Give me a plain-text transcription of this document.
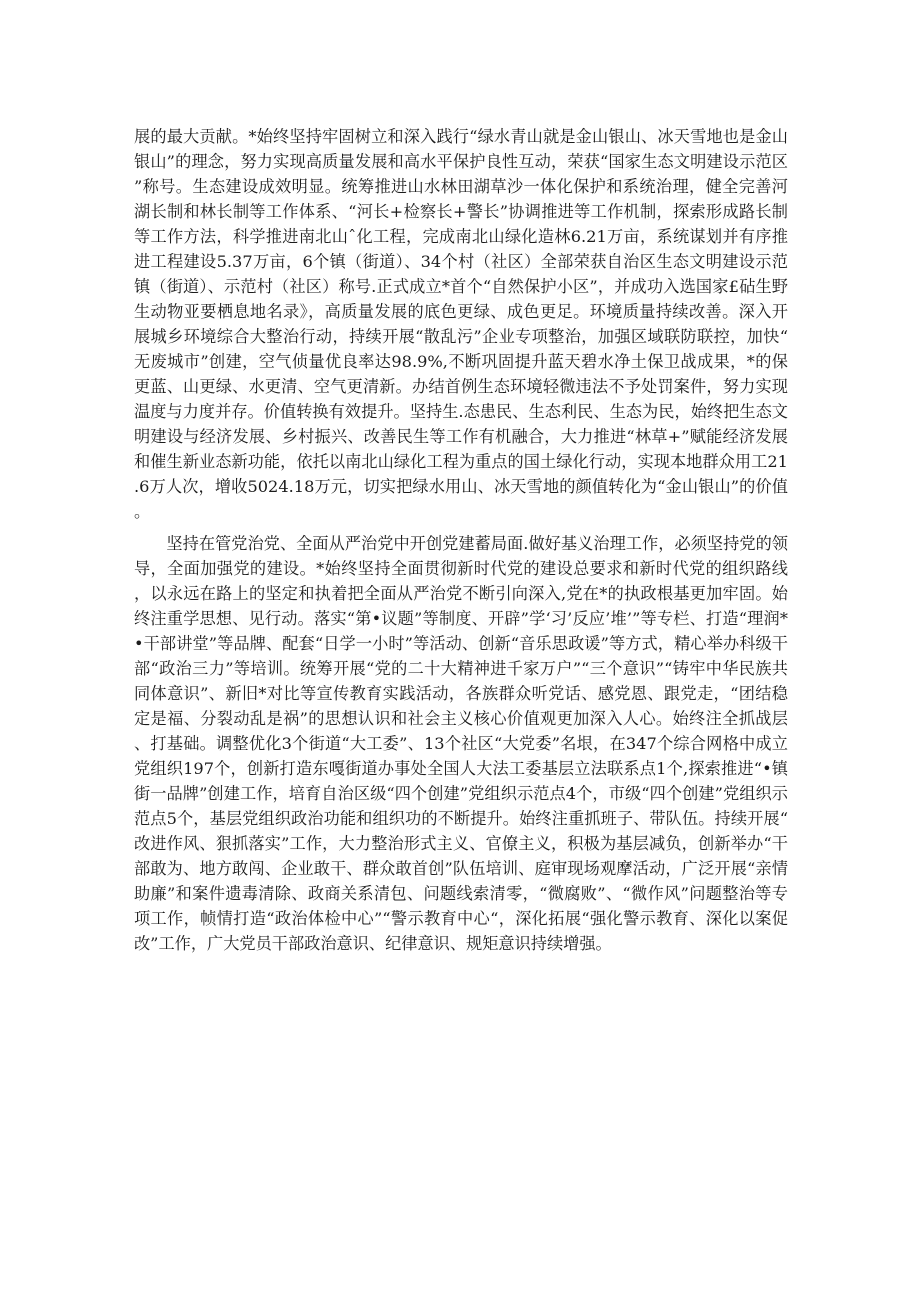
展的最大贡献。*始终坚持牢固树立和深入践行“绿水青山就是金山银山、冰天雪地也是金山银山”的理念，努力实现高质量发展和高水平保护良性互动，荣获“国家生态文明建设示范区”称号。生态建设成效明显。统筹推进山水林田湖草沙一体化保护和系统治理，健全完善河湖长制和林长制等工作体系、“河长+检察长+警长”协调推进等工作机制，探索形成路长制等工作方法，科学推进南北山ˆ化工程，完成南北山绿化造林6.21万亩，系统谋划并有序推进工程建设5.37万亩，6个镇（街道）、34个村（社区）全部荣获自治区生态文明建设示范镇（街道）、示范村（社区）称号.正式成立*首个“自然保护小区”，并成功入选国家£砧生野生动物亚要栖息地名录》，高质量发展的底色更绿、成色更足。环境质量持续改善。深入开展城乡环境综合大整治行动，持续开展“散乱污”企业专项整治，加强区域联防联控，加快“无废城市”创建，空气侦量优良率达98.9%,不断巩固提升蓝天碧水净土保卫战成果，*的保更蓝、山更绿、水更清、空气更清新。办结首例生态环境轻微违法不予处罚案件，努力实现温度与力度并存。价值转换有效提升。坚持生.态患民、生态利民、生态为民，始终把生态文明建设与经济发展、乡村振兴、改善民生等工作有机融合，大力推进“林草+”赋能经济发展和催生新业态新功能，依托以南北山绿化工程为重点的国土绿化行动，实现本地群众用工21.6万人次，增收5024.18万元，切实把绿水用山、冰天雪地的颜值转化为“金山银山”的价值。

坚持在管党治党、全面从严治党中开创党建蓄局面.做好基义治理工作，必须坚持党的领导，全面加强党的建设。*始终坚持全面贯彻新时代党的建设总要求和新时代党的组织路线，以永远在路上的坚定和执着把全面从严治党不断引向深入,党在*的执政根基更加牢固。始终注重学思想、见行动。落实“第•议题”等制度、开辟”学‘习’反应’堆’”等专栏、打造“理润*•干部讲堂”等品牌、配套“日学一小时”等活动、创新“音乐思政谖”等方式，精心举办科级干部“政治三力”等培训。统筹开展“党的二十大精神进千家万户”“三个意识”“铸牢中华民族共同体意识”、新旧*对比等宣传教育实践活动，各族群众听党话、感党恩、跟党走，“团结稳定是福、分裂动乱是祸”的思想认识和社会主义核心价值观更加深入人心。始终注全抓战层、打基础。调整优化3个街道“大工委”、13个社区“大党委”名垠，在347个综合网格中成立党组织197个，创新打造东嘎街道办事处全国人大法工委基层立法联系点1个,探索推进“•镇街一品牌”创建工作，培育自治区级“四个创建”党组织示范点4个，市级“四个创建”党组织示范点5个，基层党组织政治功能和组织功的不断提升。始终注重抓班子、带队伍。持续开展“改进作风、狠抓落实”工作，大力整治形式主义、官僚主义，积极为基层减负，创新举办“干部敢为、地方敢闯、企业敢干、群众敢首创”队伍培训、庭审现场观摩活动，广泛开展“亲情助廉”和案件遗毒清除、政商关系清包、问题线索清零，“微腐败”、“微作风”问题整治等专项工作，帧情打造“政治体检中心”“警示教育中心“，深化拓展“强化警示教育、深化以案促改”工作，广大党员干部政治意识、纪律意识、规矩意识持续增强。
